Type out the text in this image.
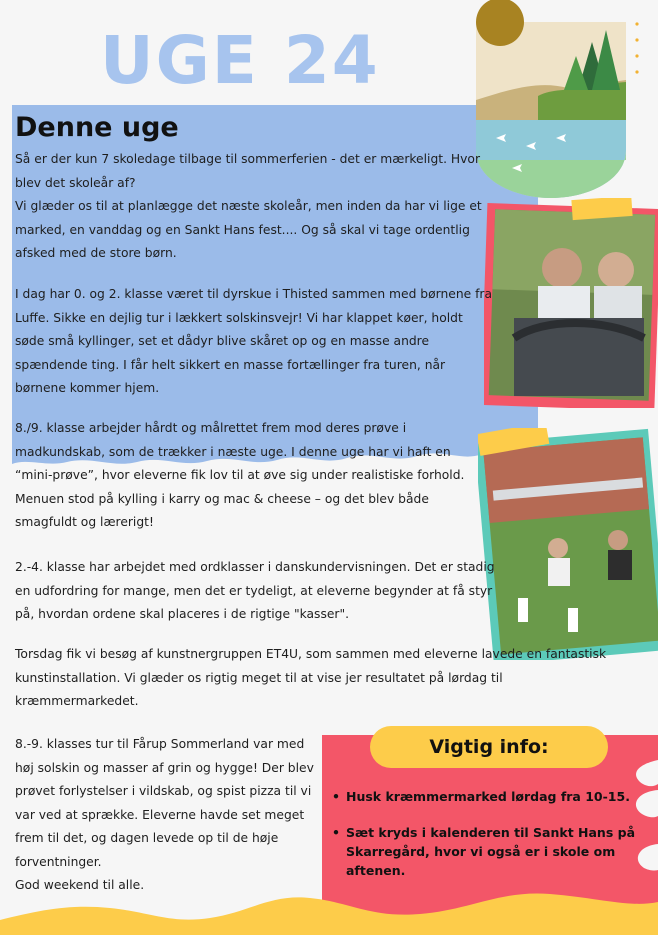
UGE 24
Denne uge

Så er der kun 7 skoledage tilbage til sommerferien - det er mærkeligt. Hvor blev det skoleår af?

Vi glæder os til at planlægge det næste skoleår, men inden da har vi lige et marked, en vanddag og en Sankt Hans fest.... Og så skal vi tage ordentlig afsked med de store børn.

I dag har 0. og 2. klasse været til dyrskue i Thisted sammen med børnene fra Luffe. Sikke en dejlig tur i lækkert solskinsvejr! Vi har klappet køer, holdt søde små kyllinger, set et dådyr blive skåret op og en masse andre spændende ting. I får helt sikkert en masse fortællinger fra turen, når børnene kommer hjem.

8./9. klasse arbejder hårdt og målrettet frem mod deres prøve i madkundskab, som de trækker i næste uge. I denne uge har vi haft en “mini-prøve”, hvor eleverne fik lov til at øve sig under realistiske forhold. Menuen stod på kylling i karry og mac & cheese – og det blev både smagfuldt og lærerigt!

2.-4. klasse har arbejdet med ordklasser i danskundervisningen. Det er stadig en udfordring for mange, men det er tydeligt, at eleverne begynder at få styr på, hvordan ordene skal placeres i de rigtige "kasser".

Torsdag fik vi besøg af kunstnergruppen ET4U, som sammen med eleverne lavede en fantastisk kunstinstallation. Vi glæder os rigtig meget til at vise jer resultatet på lørdag til kræmmermarkedet.

8.-9. klasses tur til Fårup Sommerland var med høj solskin og masser af grin og hygge! Der blev prøvet forlystelser i vildskab, og spist pizza til vi var ved at sprække. Eleverne havde set meget frem til det, og dagen levede op til de høje forventninger.

God weekend til alle.

Vigtig info:
• Husk kræmmermarked lørdag fra 10-15.
• Sæt kryds i kalenderen til Sankt Hans på Skarregård, hvor vi også er i skole om aftenen.
